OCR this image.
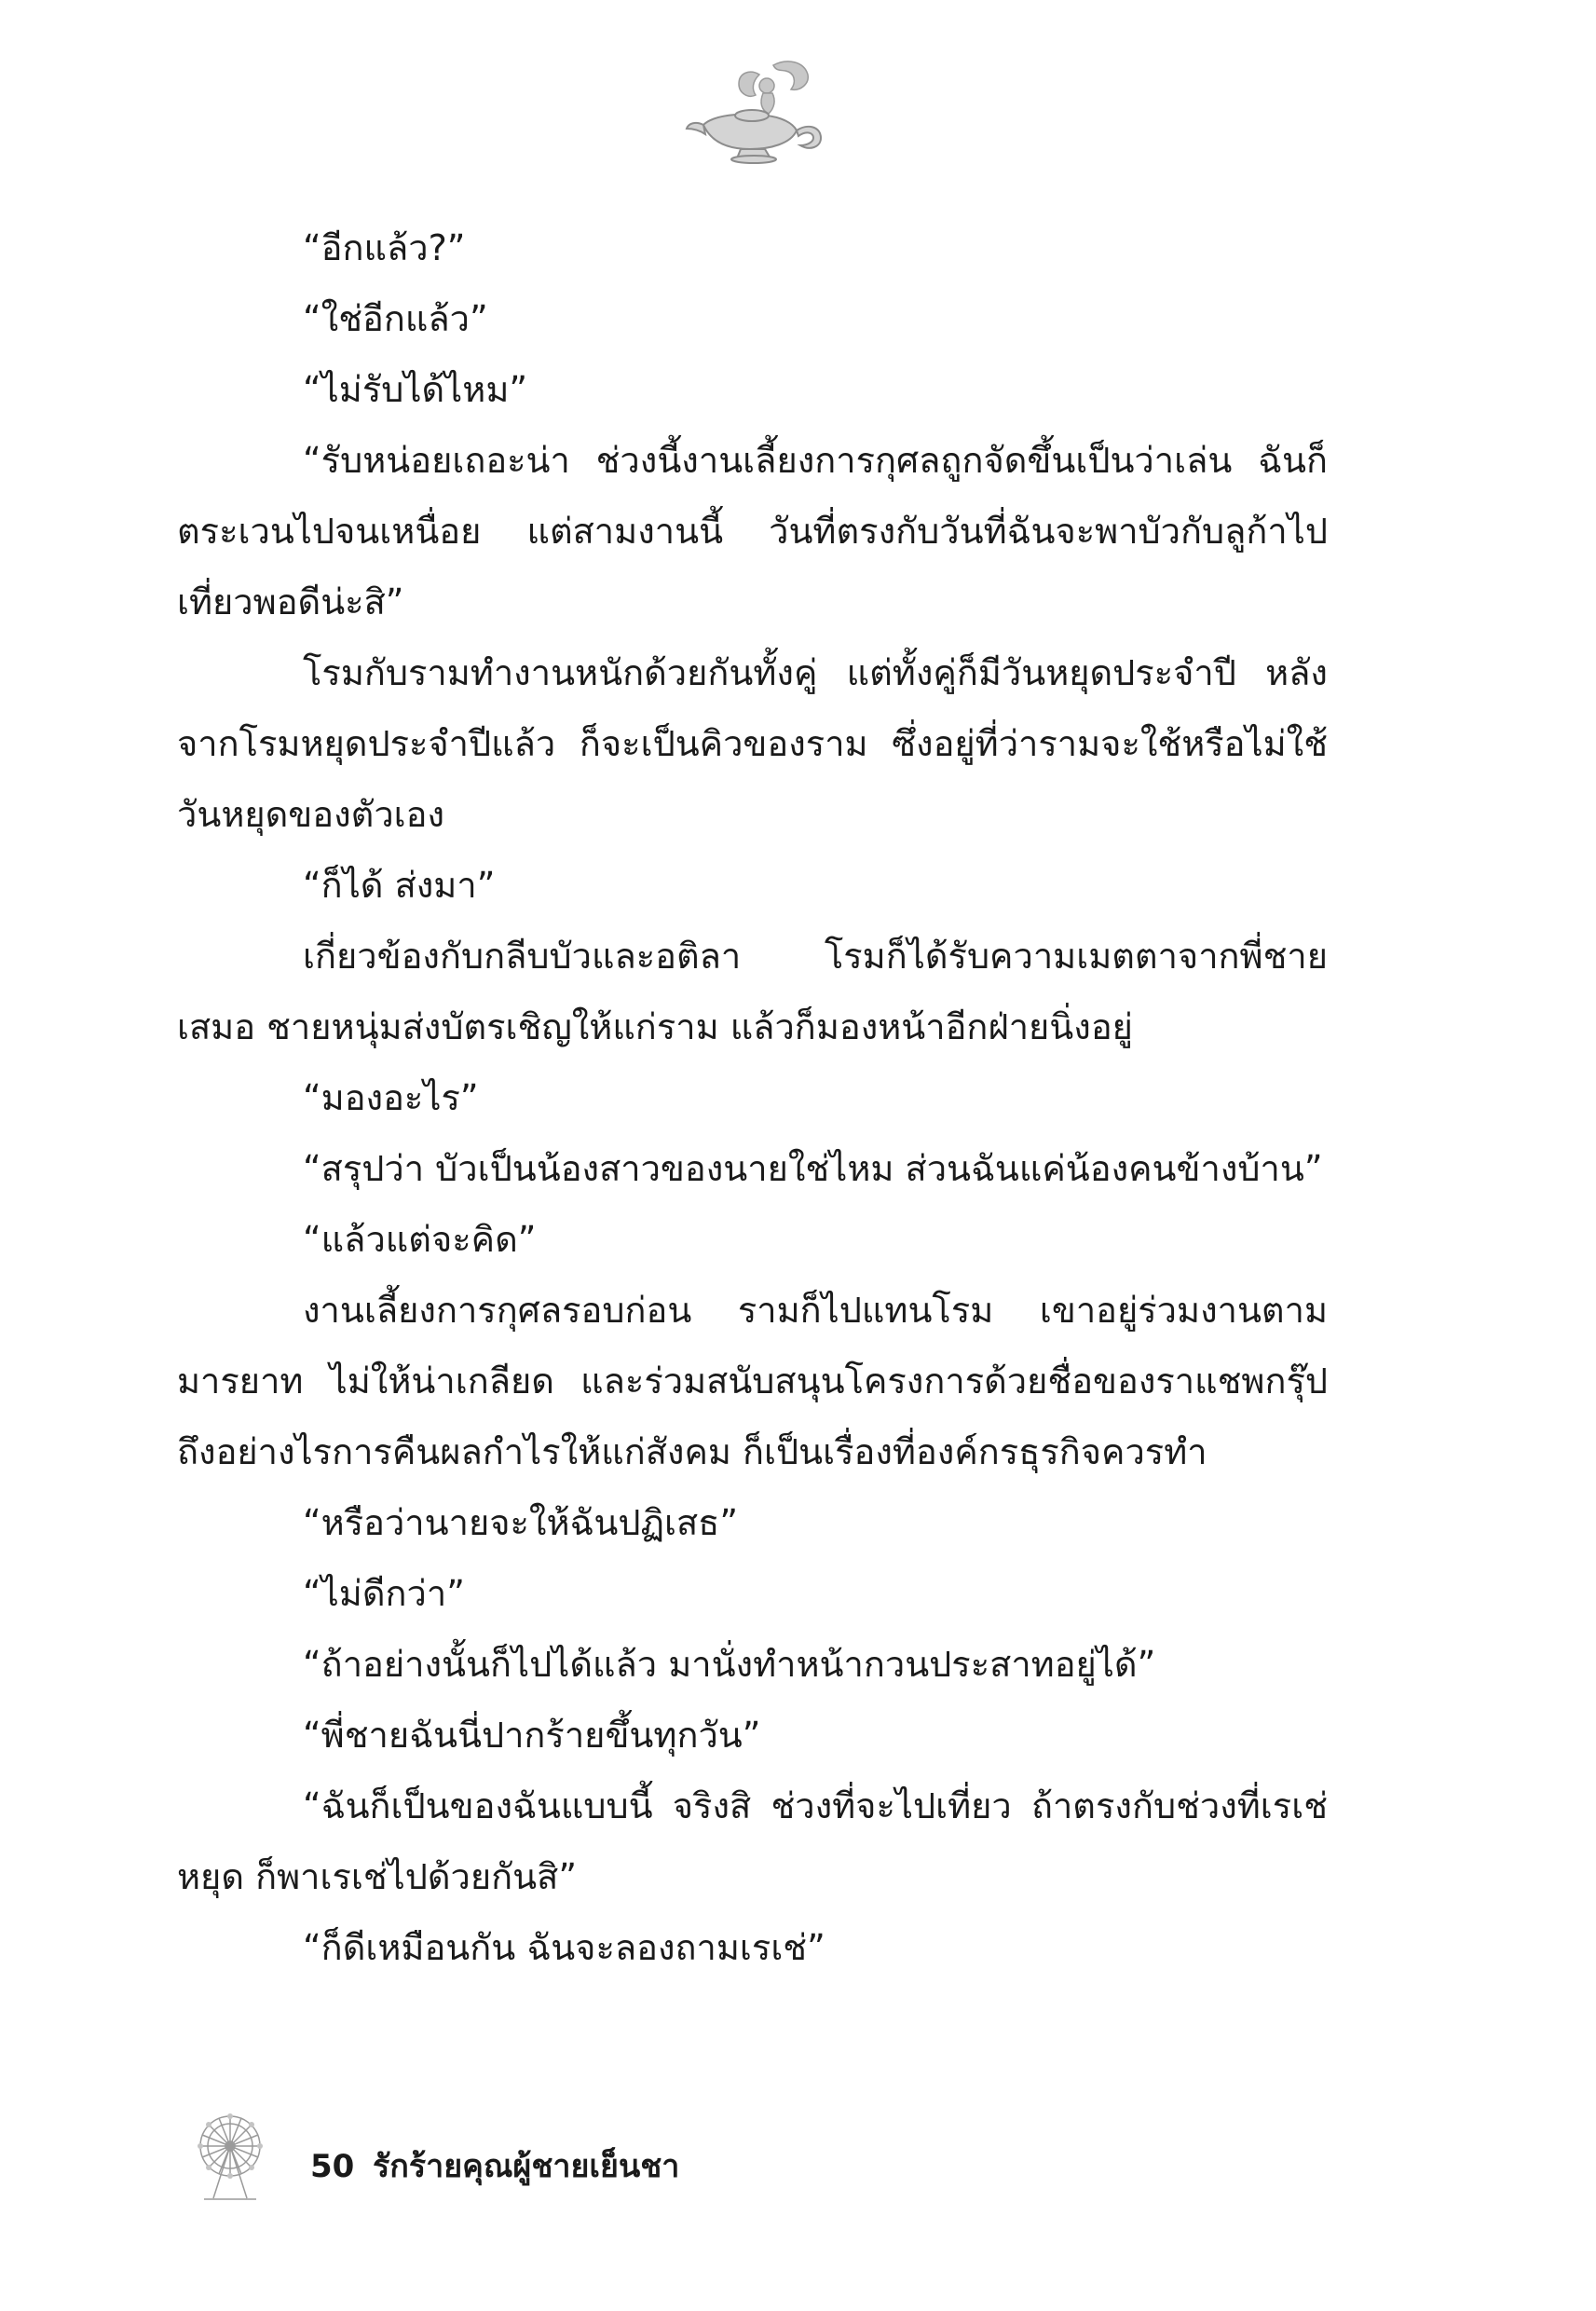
“อีกแล้ว?”

“ใช่อีกแล้ว”

“ไม่รับได้ไหม”

“รับหน่อยเถอะน่า ช่วงนี้งานเลี้ยงการกุศลถูกจัดขึ้นเป็นว่าเล่น ฉันก็ตระเวนไปจนเหนื่อย แต่สามงานนี้ วันที่ตรงกับวันที่ฉันจะพาบัวกับลูก้าไปเที่ยวพอดีน่ะสิ”

โรมกับรามทำงานหนักด้วยกันทั้งคู่ แต่ทั้งคู่ก็มีวันหยุดประจำปี หลังจากโรมหยุดประจำปีแล้ว ก็จะเป็นคิวของราม ซึ่งอยู่ที่ว่ารามจะใช้หรือไม่ใช้วันหยุดของตัวเอง

“ก็ได้ ส่งมา”

เกี่ยวข้องกับกลีบบัวและอติลา โรมก็ได้รับความเมตตาจากพี่ชายเสมอ ชายหนุ่มส่งบัตรเชิญให้แก่ราม แล้วก็มองหน้าอีกฝ่ายนิ่งอยู่

“มองอะไร”

“สรุปว่า บัวเป็นน้องสาวของนายใช่ไหม ส่วนฉันแค่น้องคนข้างบ้าน”

“แล้วแต่จะคิด”

งานเลี้ยงการกุศลรอบก่อน รามก็ไปแทนโรม เขาอยู่ร่วมงานตามมารยาท ไม่ให้น่าเกลียด และร่วมสนับสนุนโครงการด้วยชื่อของราแชพกรุ๊ป ถึงอย่างไรการคืนผลกำไรให้แก่สังคม ก็เป็นเรื่องที่องค์กรธุรกิจควรทำ

“หรือว่านายจะให้ฉันปฏิเสธ”

“ไม่ดีกว่า”

“ถ้าอย่างนั้นก็ไปได้แล้ว มานั่งทำหน้ากวนประสาทอยู่ได้”

“พี่ชายฉันนี่ปากร้ายขึ้นทุกวัน”

“ฉันก็เป็นของฉันแบบนี้ จริงสิ ช่วงที่จะไปเที่ยว ถ้าตรงกับช่วงที่เรเช่หยุด ก็พาเรเช่ไปด้วยกันสิ”

“ก็ดีเหมือนกัน ฉันจะลองถามเรเช่”

50 รักร้ายคุณผู้ชายเย็นชา
